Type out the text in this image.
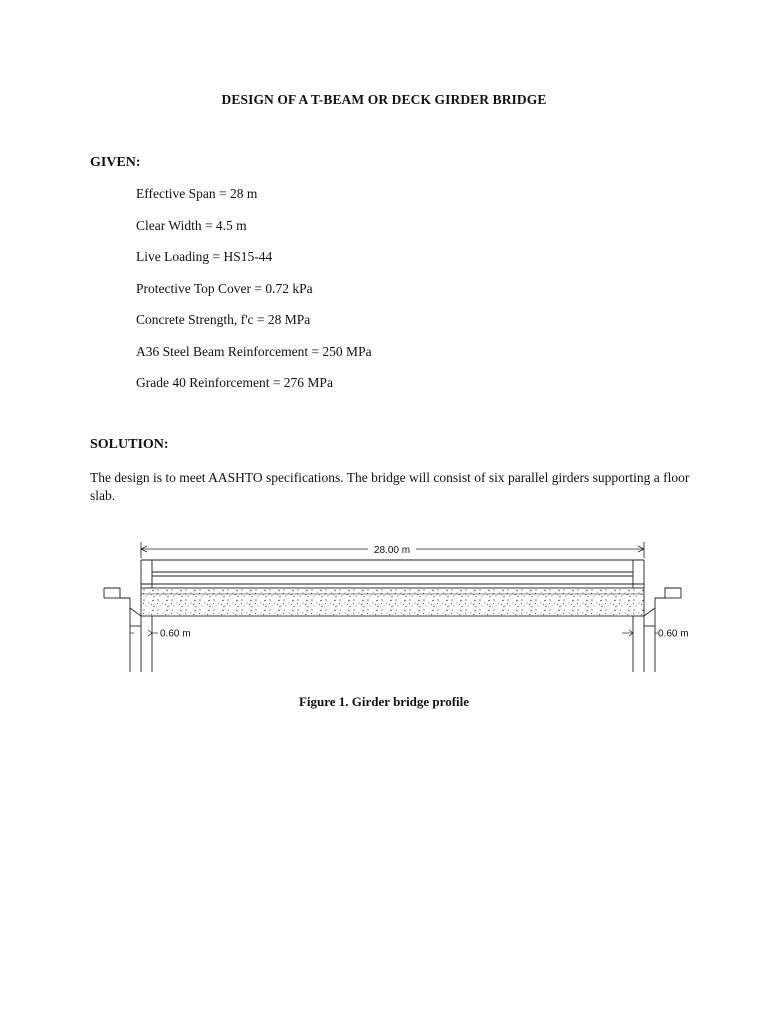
DESIGN OF A T-BEAM OR DECK GIRDER BRIDGE
GIVEN:
Effective Span = 28 m
Clear Width = 4.5 m
Live Loading = HS15-44
Protective Top Cover = 0.72 kPa
Concrete Strength, f'c = 28 MPa
A36 Steel Beam Reinforcement = 250 MPa
Grade 40 Reinforcement = 276 MPa
SOLUTION:
The design is to meet AASHTO specifications. The bridge will consist of six parallel girders supporting a floor slab.
28.00 m
0.60 m	0.60 m
Figure 1. Girder bridge profile
